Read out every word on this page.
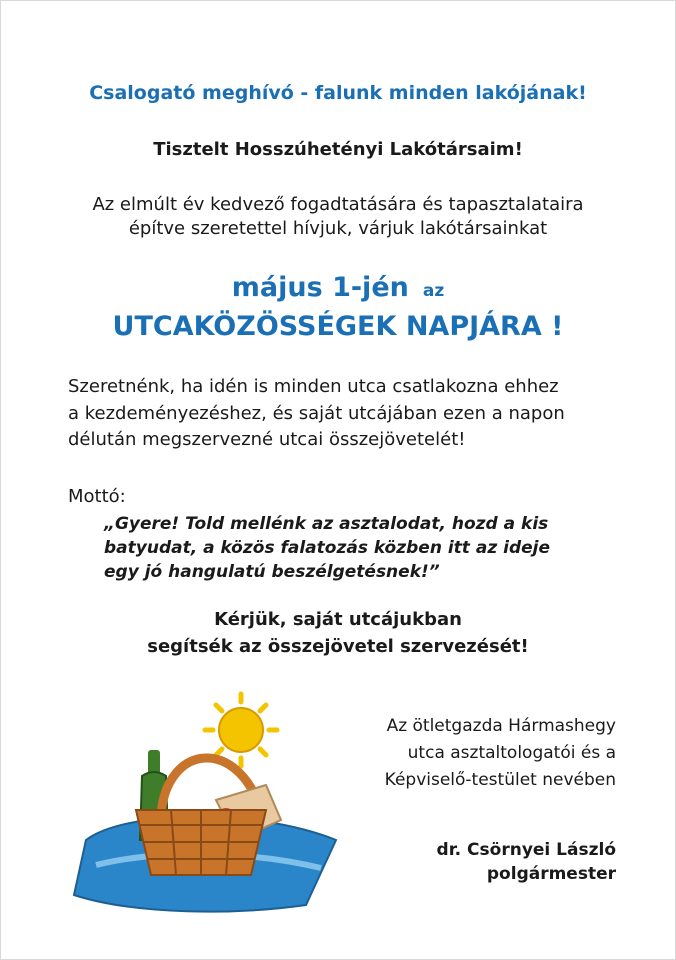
Csalogató meghívó - falunk minden lakójának!
Tisztelt Hosszúhetényi Lakótársaim!
Az elmúlt év kedvező fogadtatására és tapasztalataira
építve szeretettel hívjuk, várjuk lakótársainkat
május 1-jén az
UTCAKÖZÖSSÉGEK NAPJÁRA !
Szeretnénk, ha idén is minden utca csatlakozna ehhez
a kezdeményezéshez, és saját utcájában ezen a napon
délután megszervezné utcai összejövetelét!
Mottó:
„Gyere! Told mellénk az asztalodat, hozd a kis
batyudat, a közös falatozás közben itt az ideje
egy jó hangulatú beszélgetésnek!”
Kérjük, saját utcájukban
segítsék az összejövetel szervezését!
Az ötletgazda Hármashegy
utca asztaltologatói és a
Képviselő-testület nevében
dr. Csörnyei László
polgármester
